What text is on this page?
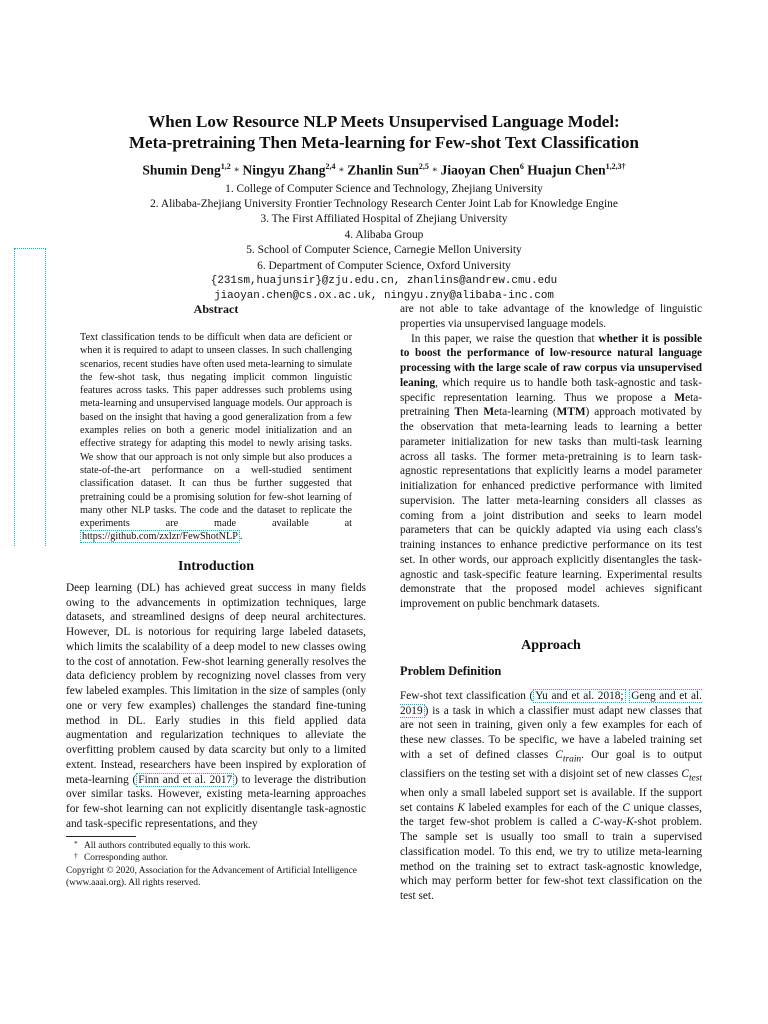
When Low Resource NLP Meets Unsupervised Language Model:
Meta-pretraining Then Meta-learning for Few-shot Text Classification
Shumin Deng$^{1,2}$ * Ningyu Zhang$^{2,4}$ * Zhanlin Sun$^{2,5}$ * Jiaoyan Chen$^6$ Huajun Chen$^{1,2,3\dagger}$
1. College of Computer Science and Technology, Zhejiang University
2. Alibaba-Zhejiang University Frontier Technology Research Center Joint Lab for Knowledge Engine
3. The First Affiliated Hospital of Zhejiang University
4. Alibaba Group
5. School of Computer Science, Carnegie Mellon University
6. Department of Computer Science, Oxford University
{231sm,huajunsir}@zju.edu.cn, zhanlins@andrew.cmu.edu
jiaoyan.chen@cs.ox.ac.uk, ningyu.zny@alibaba-inc.com
Abstract
Text classification tends to be difficult when data are deficient or when it is required to adapt to unseen classes. In such challenging scenarios, recent studies have often used meta-learning to simulate the few-shot task, thus negating implicit common linguistic features across tasks. This paper addresses such problems using meta-learning and unsupervised language models. Our approach is based on the insight that having a good generalization from a few examples relies on both a generic model initialization and an effective strategy for adapting this model to newly arising tasks. We show that our approach is not only simple but also produces a state-of-the-art performance on a well-studied sentiment classification dataset. It can thus be further suggested that pretraining could be a promising solution for few-shot learning of many other NLP tasks. The code and the dataset to replicate the experiments are made available at https://github.com/zxlzr/FewShotNLP .
Introduction
Deep learning (DL) has achieved great success in many fields owing to the advancements in optimization techniques, large datasets, and streamlined designs of deep neural architectures. However, DL is notorious for requiring large labeled datasets, which limits the scalability of a deep model to new classes owing to the cost of annotation. Few-shot learning generally resolves the data deficiency problem by recognizing novel classes from very few labeled examples. This limitation in the size of samples (only one or very few examples) challenges the standard fine-tuning method in DL. Early studies in this field applied data augmentation and regularization techniques to alleviate the overfitting problem caused by data scarcity but only to a limited extent. Instead, researchers have been inspired by exploration of meta-learning ( Finn and et al. 2017 ) to leverage the distribution over similar tasks. However, existing meta-learning approaches for few-shot learning can not explicitly disentangle task-agnostic and task-specific representations, and they
* All authors contributed equally to this work.
† Corresponding author.
Copyright © 2020, Association for the Advancement of Artificial Intelligence (www.aaai.org). All rights reserved.
are not able to take advantage of the knowledge of linguistic properties via unsupervised language models.
In this paper, we raise the question that whether it is possible to boost the performance of low-resource natural language processing with the large scale of raw corpus via unsupervised leaning, which require us to handle both task-agnostic and task-specific representation learning. Thus we propose a Meta-pretraining Then Meta-learning (MTM) approach motivated by the observation that meta-learning leads to learning a better parameter initialization for new tasks than multi-task learning across all tasks. The former meta-pretraining is to learn task-agnostic representations that explicitly learns a model parameter initialization for enhanced predictive performance with limited supervision. The latter meta-learning considers all classes as coming from a joint distribution and seeks to learn model parameters that can be quickly adapted via using each class's training instances to enhance predictive performance on its test set. In other words, our approach explicitly disentangles the task-agnostic and task-specific feature learning. Experimental results demonstrate that the proposed model achieves significant improvement on public benchmark datasets.
Approach
Problem Definition
Few-shot text classification ( Yu and et al. 2018; Geng and et al. 2019 ) is a task in which a classifier must adapt new classes that are not seen in training, given only a few examples for each of these new classes. To be specific, we have a labeled training set with a set of defined classes $C_{train}$. Our goal is to output classifiers on the testing set with a disjoint set of new classes $C_{test}$ when only a small labeled support set is available. If the support set contains K labeled examples for each of the C unique classes, the target few-shot problem is called a C-way-K-shot problem. The sample set is usually too small to train a supervised classification model. To this end, we try to utilize meta-learning method on the training set to extract task-agnostic knowledge, which may perform better for few-shot text classification on the test set.
